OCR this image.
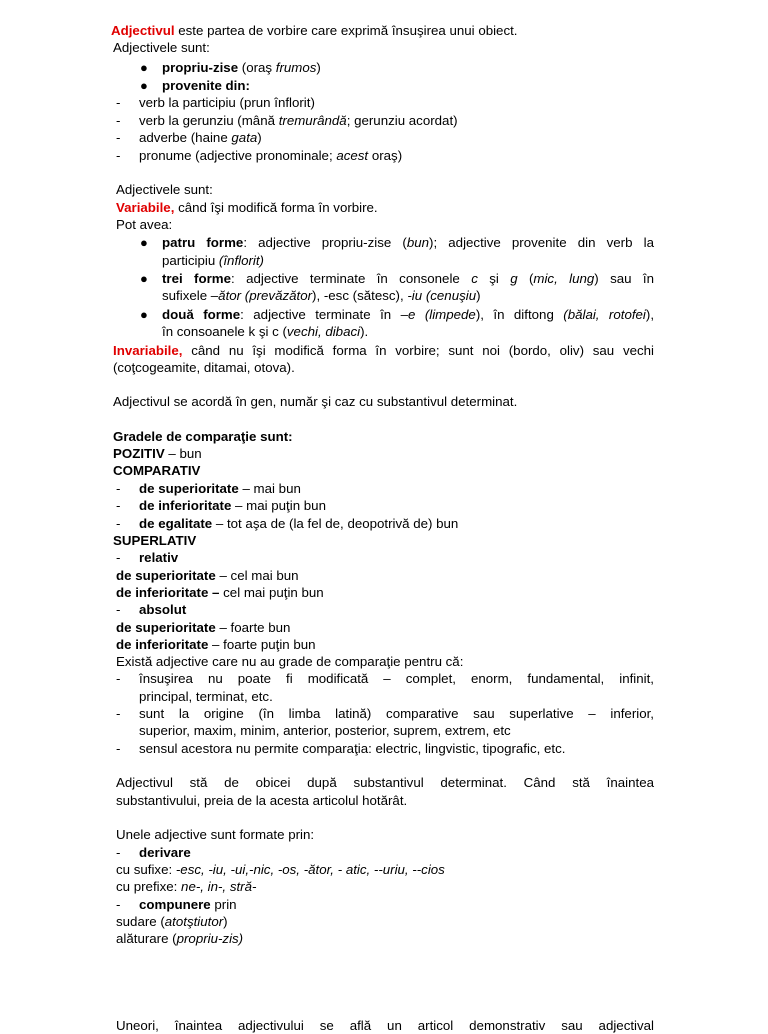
Adjectivul este partea de vorbire care exprimă însuşirea unui obiect.
Adjectivele sunt:
● propriu-zise (oraş frumos)
● provenite din:
- verb la participiu (prun înflorit)
- verb la gerunziu (mână tremurândă; gerunziu acordat)
- adverbe (haine gata)
- pronume (adjective pronominale; acest oraş)
Adjectivele sunt:
Variabile, când îşi modifică forma în vorbire.
Pot avea:
● patru forme: adjective propriu-zise (bun); adjective provenite din verb la
participiu (înflorit)
● trei forme: adjective terminate în consonele c şi g (mic, lung) sau în
sufixele –ător (prevăzător), -esc (sătesc), -iu (cenuşiu)
● două forme: adjective terminate în –e (limpede), în diftong (bălai, rotofei),
în consoanele k şi c (vechi, dibaci).
Invariabile, când nu îşi modifică forma în vorbire; sunt noi (bordo, oliv) sau vechi
(coţcogeamite, ditamai, otova).
Adjectivul se acordă în gen, număr şi caz cu substantivul determinat.
Gradele de comparaţie sunt:
POZITIV – bun
COMPARATIV
- de superioritate – mai bun
- de inferioritate – mai puţin bun
- de egalitate – tot aşa de (la fel de, deopotrivă de) bun
SUPERLATIV
- relativ
de superioritate – cel mai bun
de inferioritate – cel mai puţin bun
- absolut
de superioritate – foarte bun
de inferioritate – foarte puţin bun
Există adjective care nu au grade de comparaţie pentru că:
- însuşirea nu poate fi modificată – complet, enorm, fundamental, infinit,
principal, terminat, etc.
- sunt la origine (în limba latină) comparative sau superlative – inferior,
superior, maxim, minim, anterior, posterior, suprem, extrem, etc
- sensul acestora nu permite comparaţia: electric, lingvistic, tipografic, etc.
Adjectivul stă de obicei după substantivul determinat. Când stă înaintea
substantivului, preia de la acesta articolul hotărât.
Unele adjective sunt formate prin:
- derivare
cu sufixe: -esc, -iu, -ui,-nic, -os, -ător, - atic, --uriu, --cios
cu prefixe: ne-, in-, stră-
- compunere prin
sudare (atotştiutor)
alăturare (propriu-zis)
Uneori, înaintea adjectivului se află un articol demonstrativ sau adjectival
